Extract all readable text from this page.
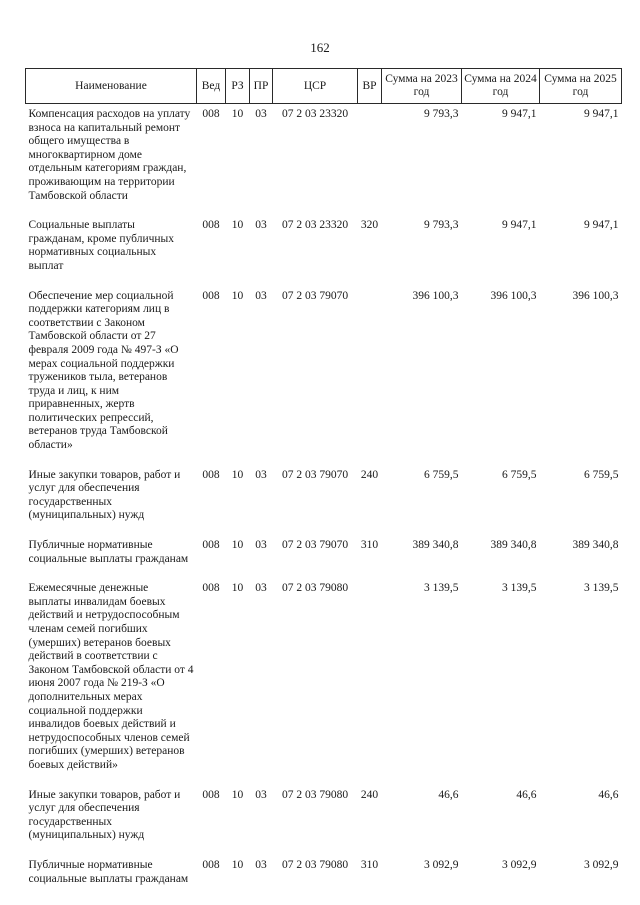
162
Наименование	Вед	РЗ	ПР	ЦСР	ВР	Сумма на 2023 год	Сумма на 2024 год	Сумма на 2025 год
Компенсация расходов на уплату взноса на капитальный ремонт общего имущества в многоквартирном доме отдельным категориям граждан, проживающим на территории Тамбовской области	008	10	03	07 2 03 23320		9 793,3	9 947,1	9 947,1
Социальные выплаты гражданам, кроме публичных нормативных социальных выплат	008	10	03	07 2 03 23320	320	9 793,3	9 947,1	9 947,1
Обеспечение мер социальной поддержки категориям лиц в соответствии с Законом Тамбовской области от 27 февраля 2009 года № 497-З «О мерах социальной поддержки тружеников тыла, ветеранов труда и лиц, к ним приравненных, жертв политических репрессий, ветеранов труда Тамбовской области»	008	10	03	07 2 03 79070		396 100,3	396 100,3	396 100,3
Иные закупки товаров, работ и услуг для обеспечения государственных (муниципальных) нужд	008	10	03	07 2 03 79070	240	6 759,5	6 759,5	6 759,5
Публичные нормативные социальные выплаты гражданам	008	10	03	07 2 03 79070	310	389 340,8	389 340,8	389 340,8
Ежемесячные денежные выплаты инвалидам боевых действий и нетрудоспособным членам семей погибших (умерших) ветеранов боевых действий в соответствии с Законом Тамбовской области от 4 июня 2007 года № 219-З «О дополнительных мерах социальной поддержки инвалидов боевых действий и нетрудоспособных членов семей погибших (умерших) ветеранов боевых действий»	008	10	03	07 2 03 79080		3 139,5	3 139,5	3 139,5
Иные закупки товаров, работ и услуг для обеспечения государственных (муниципальных) нужд	008	10	03	07 2 03 79080	240	46,6	46,6	46,6
Публичные нормативные социальные выплаты гражданам	008	10	03	07 2 03 79080	310	3 092,9	3 092,9	3 092,9
